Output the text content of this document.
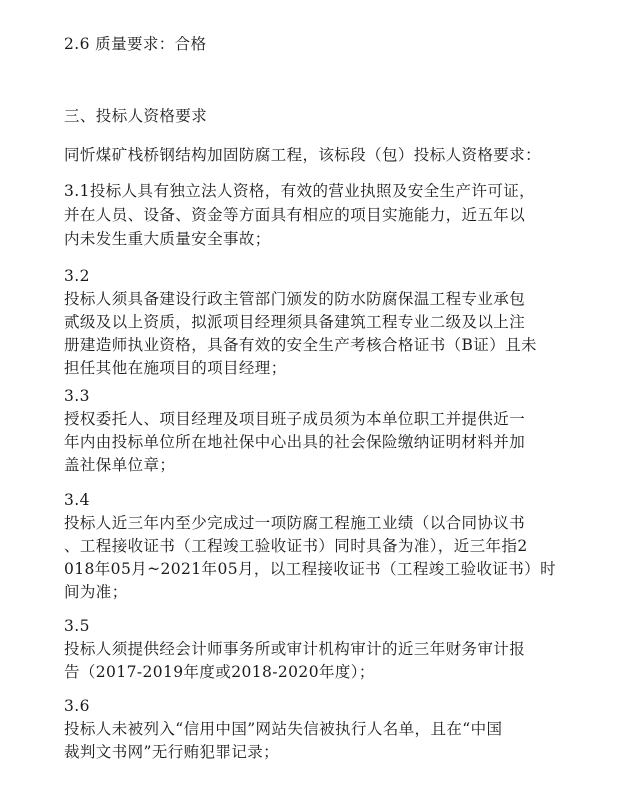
2.6 质量要求：合格
三、投标人资格要求
同忻煤矿栈桥钢结构加固防腐工程，该标段（包）投标人资格要求：
3.1投标人具有独立法人资格，有效的营业执照及安全生产许可证，
并在人员、设备、资金等方面具有相应的项目实施能力，近五年以
内未发生重大质量安全事故；
3.2
投标人须具备建设行政主管部门颁发的防水防腐保温工程专业承包
贰级及以上资质，拟派项目经理须具备建筑工程专业二级及以上注
册建造师执业资格，具备有效的安全生产考核合格证书（B证）且未
担任其他在施项目的项目经理；
3.3
授权委托人、项目经理及项目班子成员须为本单位职工并提供近一
年内由投标单位所在地社保中心出具的社会保险缴纳证明材料并加
盖社保单位章；
3.4
投标人近三年内至少完成过一项防腐工程施工业绩（以合同协议书
、工程接收证书（工程竣工验收证书）同时具备为准），近三年指2
018年05月~2021年05月，以工程接收证书（工程竣工验收证书）时
间为准；
3.5
投标人须提供经会计师事务所或审计机构审计的近三年财务审计报
告（2017-2019年度或2018-2020年度）；
3.6
投标人未被列入“信用中国”网站失信被执行人名单，且在“中国
裁判文书网”无行贿犯罪记录；
